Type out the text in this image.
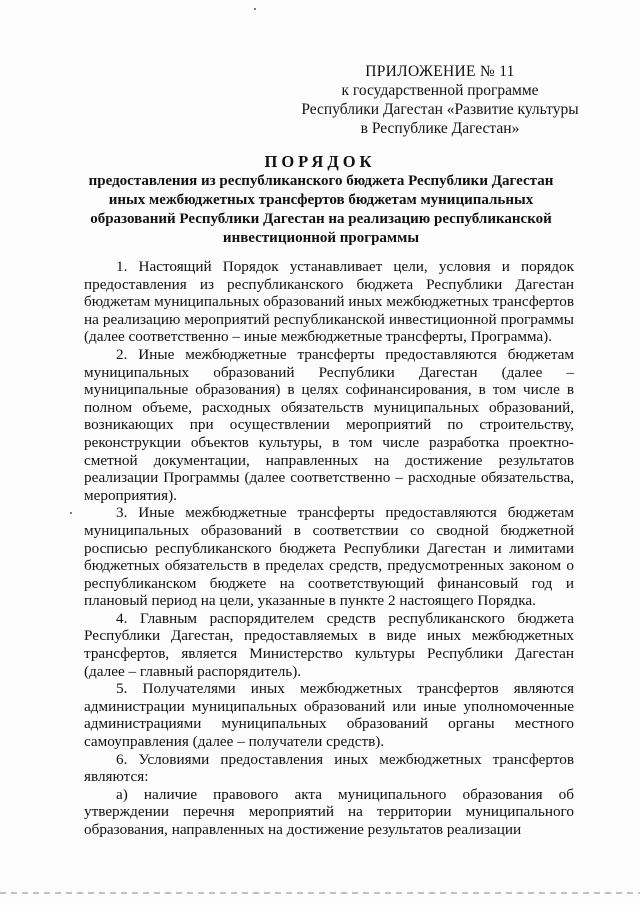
ПРИЛОЖЕНИЕ № 11
к государственной программе
Республики Дагестан «Развитие культуры
в Республике Дагестан»
ПОРЯДОК
предоставления из республиканского бюджета Республики Дагестан иных межбюджетных трансфертов бюджетам муниципальных образований Республики Дагестан на реализацию республиканской инвестиционной программы

1. Настоящий Порядок устанавливает цели, условия и порядок предоставления из республиканского бюджета Республики Дагестан бюджетам муниципальных образований иных межбюджетных трансфертов на реализацию мероприятий республиканской инвестиционной программы (далее соответственно – иные межбюджетные трансферты, Программа).

2. Иные межбюджетные трансферты предоставляются бюджетам муниципальных образований Республики Дагестан (далее – муниципальные образования) в целях софинансирования, в том числе в полном объеме, расходных обязательств муниципальных образований, возникающих при осуществлении мероприятий по строительству, реконструкции объектов культуры, в том числе разработка проектно-сметной документации, направленных на достижение результатов реализации Программы (далее соответственно – расходные обязательства, мероприятия).

3. Иные межбюджетные трансферты предоставляются бюджетам муниципальных образований в соответствии со сводной бюджетной росписью республиканского бюджета Республики Дагестан и лимитами бюджетных обязательств в пределах средств, предусмотренных законом о республиканском бюджете на соответствующий финансовый год и плановый период на цели, указанные в пункте 2 настоящего Порядка.

4. Главным распорядителем средств республиканского бюджета Республики Дагестан, предоставляемых в виде иных межбюджетных трансфертов, является Министерство культуры Республики Дагестан (далее – главный распорядитель).

5. Получателями иных межбюджетных трансфертов являются администрации муниципальных образований или иные уполномоченные администрациями муниципальных образований органы местного самоуправления (далее – получатели средств).

6. Условиями предоставления иных межбюджетных трансфертов являются:

а) наличие правового акта муниципального образования об утверждении перечня мероприятий на территории муниципального образования, направленных на достижение результатов реализации
